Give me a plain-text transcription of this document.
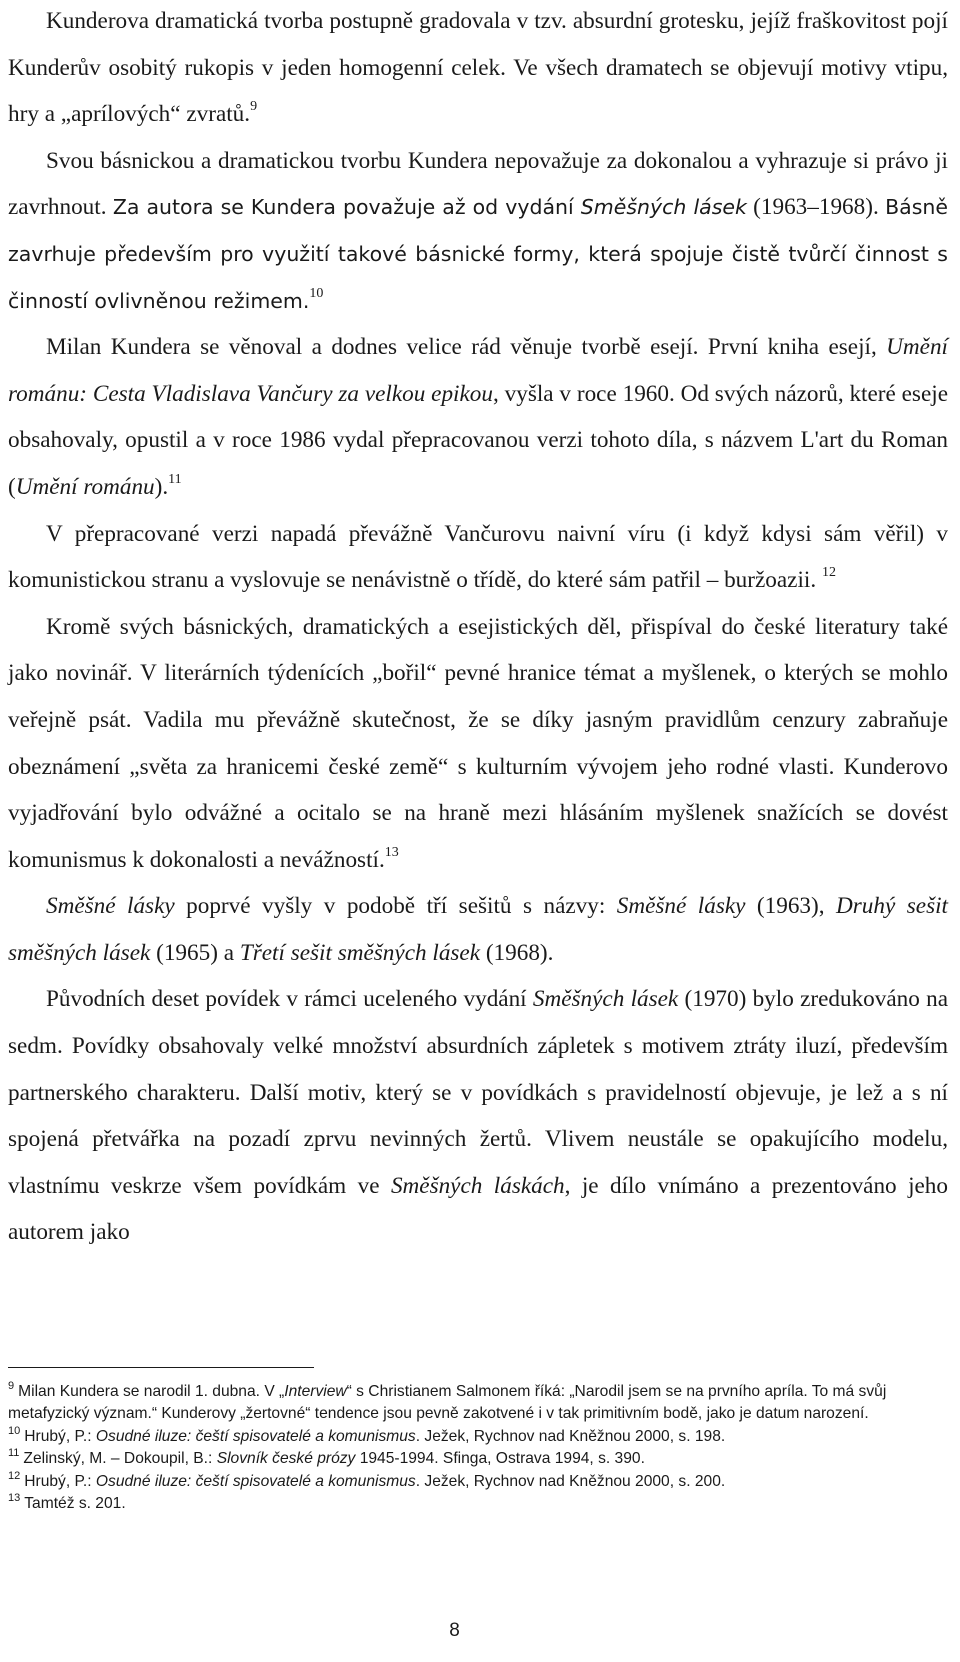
Kunderova dramatická tvorba postupně gradovala v tzv. absurdní grotesku, jejíž fraškovitost pojí Kunderův osobitý rukopis v jeden homogenní celek. Ve všech dramatech se objevují motivy vtipu, hry a „aprílových“ zvratů.$^9$

Svou básnickou a dramatickou tvorbu Kundera nepovažuje za dokonalou a vyhrazuje si právo ji zavrhnout. Za autora se Kundera považuje až od vydání Směšných lásek (1963–1968). Básně zavrhuje především pro využití takové básnické formy, která spojuje čistě tvůrčí činnost s činností ovlivněnou režimem.$^{10}$

Milan Kundera se věnoval a dodnes velice rád věnuje tvorbě esejí. První kniha esejí, Umění románu: Cesta Vladislava Vančury za velkou epikou, vyšla v roce 1960. Od svých názorů, které eseje obsahovaly, opustil a v roce 1986 vydal přepracovanou verzi tohoto díla, s názvem L'art du Roman (Umění románu).$^{11}$

V přepracované verzi napadá převážně Vančurovu naivní víru (i když kdysi sám věřil) v komunistickou stranu a vyslovuje se nenávistně o třídě, do které sám patřil – buržoazii. $^{12}$

Kromě svých básnických, dramatických a esejistických děl, přispíval do české literatury také jako novinář. V literárních týdenících „bořil“ pevné hranice témat a myšlenek, o kterých se mohlo veřejně psát. Vadila mu převážně skutečnost, že se díky jasným pravidlům cenzury zabraňuje obeznámení „světa za hranicemi české země“ s kulturním vývojem jeho rodné vlasti. Kunderovo vyjadřování bylo odvážné a ocitalo se na hraně mezi hlásáním myšlenek snažících se dovést komunismus k dokonalosti a nevážností.$^{13}$

Směšné lásky poprvé vyšly v podobě tří sešitů s názvy: Směšné lásky (1963), Druhý sešit směšných lásek (1965) a Třetí sešit směšných lásek (1968).

Původních deset povídek v rámci uceleného vydání Směšných lásek (1970) bylo zredukováno na sedm. Povídky obsahovaly velké množství absurdních zápletek s motivem ztráty iluzí, především partnerského charakteru. Další motiv, který se v povídkách s pravidelností objevuje, je lež a s ní spojená přetvářka na pozadí zprvu nevinných žertů. Vlivem neustále se opakujícího modelu, vlastnímu veskrze všem povídkám ve Směšných láskách, je dílo vnímáno a prezentováno jeho autorem jako

$^9$ Milan Kundera se narodil 1. dubna. V „Interview“ s Christianem Salmonem říká: „Narodil jsem se na prvního apríla. To má svůj metafyzický význam.“ Kunderovy „žertovné“ tendence jsou pevně zakotvené i v tak primitivním bodě, jako je datum narození.

$^{10}$ Hrubý, P.: Osudné iluze: čeští spisovatelé a komunismus. Ježek, Rychnov nad Kněžnou 2000, s. 198.

$^{11}$ Zelinský, M. – Dokoupil, B.: Slovník české prózy 1945-1994. Sfinga, Ostrava 1994, s. 390.

$^{12}$ Hrubý, P.: Osudné iluze: čeští spisovatelé a komunismus. Ježek, Rychnov nad Kněžnou 2000, s. 200.

$^{13}$ Tamtéž s. 201.

8
